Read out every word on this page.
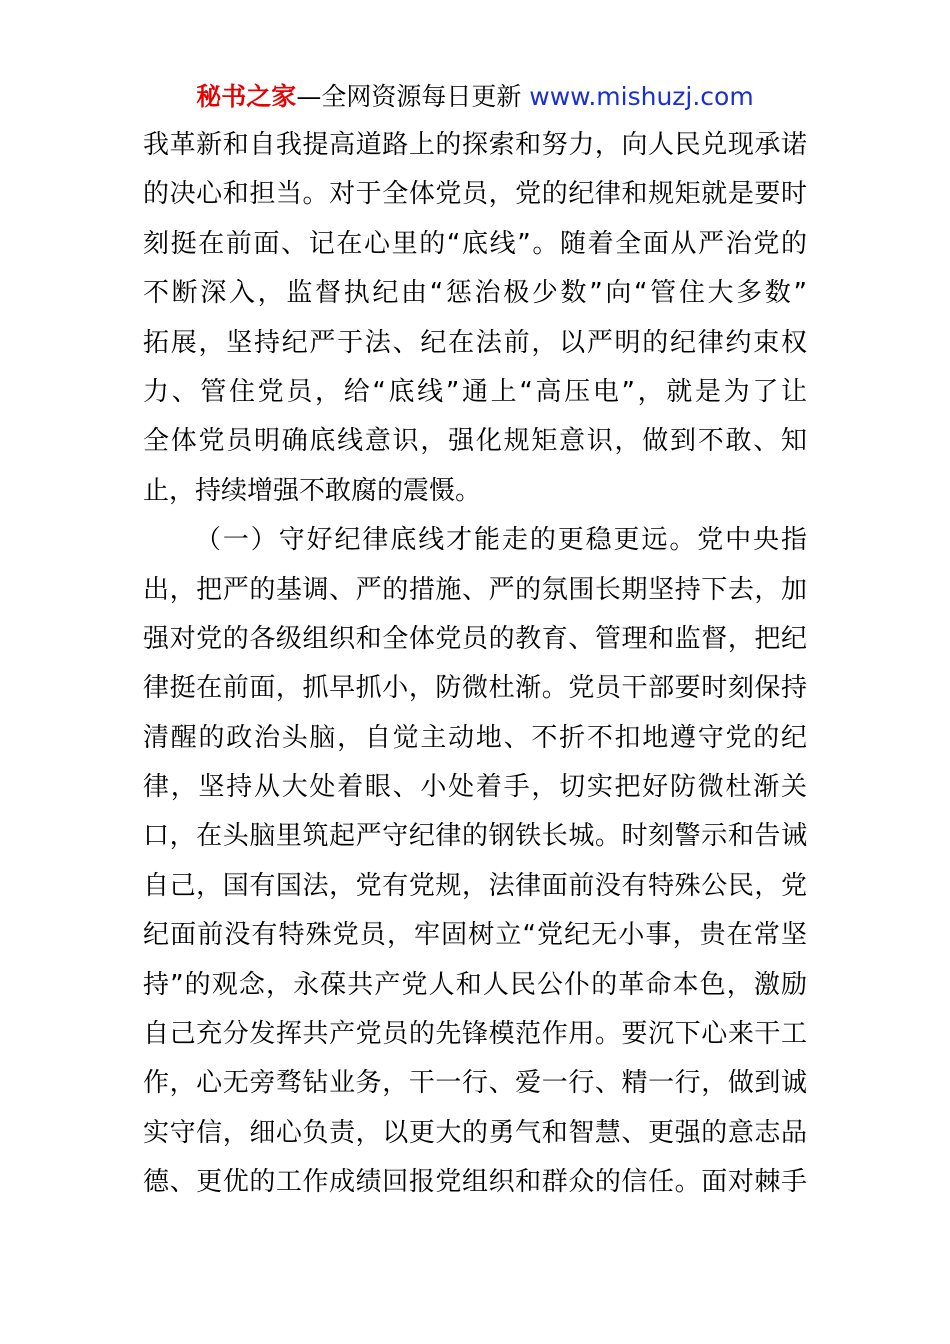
秘书之家—全网资源每日更新 www.mishuzj.com
我革新和自我提高道路上的探索和努力，向人民兑现承诺
的决心和担当。对于全体党员，党的纪律和规矩就是要时
刻挺在前面、记在心里的“底线”。随着全面从严治党的
不断深入，监督执纪由“惩治极少数”向“管住大多数”
拓展，坚持纪严于法、纪在法前，以严明的纪律约束权
力、管住党员，给“底线”通上“高压电”，就是为了让
全体党员明确底线意识，强化规矩意识，做到不敢、知
止，持续增强不敢腐的震慑。
（一）守好纪律底线才能走的更稳更远。党中央指
出，把严的基调、严的措施、严的氛围长期坚持下去，加
强对党的各级组织和全体党员的教育、管理和监督，把纪
律挺在前面，抓早抓小，防微杜渐。党员干部要时刻保持
清醒的政治头脑，自觉主动地、不折不扣地遵守党的纪
律，坚持从大处着眼、小处着手，切实把好防微杜渐关
口，在头脑里筑起严守纪律的钢铁长城。时刻警示和告诫
自己，国有国法，党有党规，法律面前没有特殊公民，党
纪面前没有特殊党员，牢固树立“党纪无小事，贵在常坚
持”的观念，永葆共产党人和人民公仆的革命本色，激励
自己充分发挥共产党员的先锋模范作用。要沉下心来干工
作，心无旁骛钻业务，干一行、爱一行、精一行，做到诚
实守信，细心负责，以更大的勇气和智慧、更强的意志品
德、更优的工作成绩回报党组织和群众的信任。面对棘手
